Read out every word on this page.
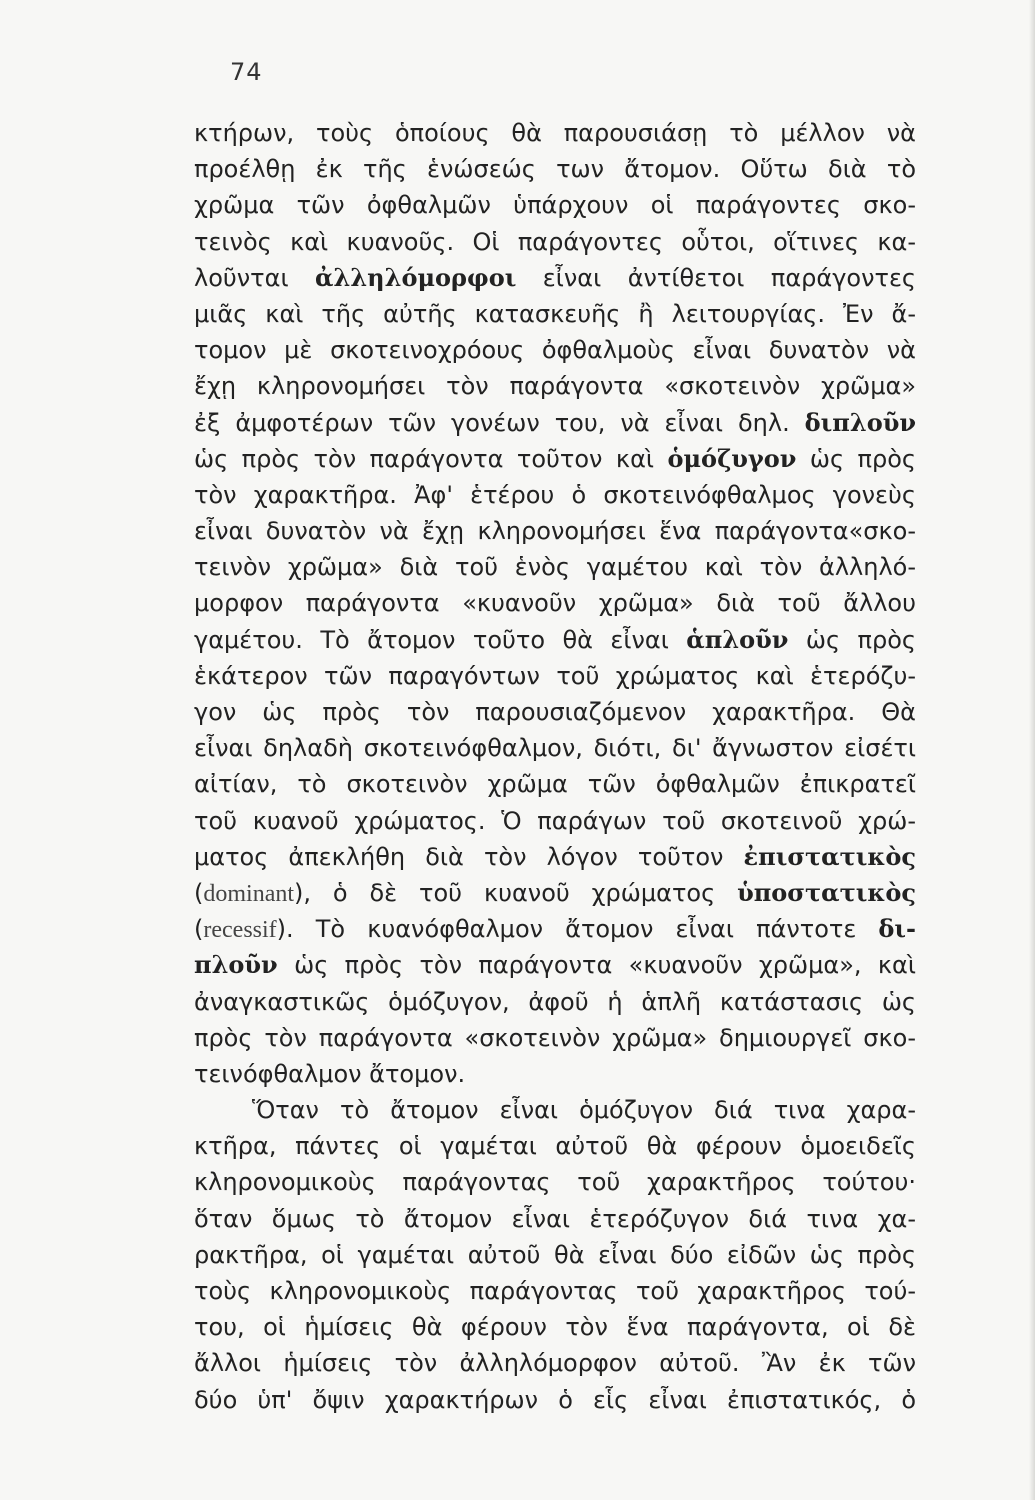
74
κτήρων, τοὺς ὁποίους θὰ παρουσιάσῃ τὸ μέλλον νὰ
προέλθῃ ἐκ τῆς ἑνώσεώς των ἄτομον. Οὕτω διὰ τὸ
χρῶμα τῶν ὀφθαλμῶν ὑπάρχουν οἱ παράγοντες σκο-
τεινὸς καὶ κυανοῦς. Οἱ παράγοντες οὗτοι, οἵτινες κα-
λοῦνται ἀλληλόμορφοι εἶναι ἀντίθετοι παράγοντες
μιᾶς καὶ τῆς αὐτῆς κατασκευῆς ἢ λειτουργίας. Ἐν ἄ-
τομον μὲ σκοτεινοχρόους ὀφθαλμοὺς εἶναι δυνατὸν νὰ
ἔχῃ κληρονομήσει τὸν παράγοντα «σκοτεινὸν χρῶμα»
ἐξ ἀμφοτέρων τῶν γονέων του, νὰ εἶναι δηλ. διπλοῦν
ὡς πρὸς τὸν παράγοντα τοῦτον καὶ ὁμόζυγον ὡς πρὸς
τὸν χαρακτῆρα. Ἀφ' ἑτέρου ὁ σκοτεινόφθαλμος γονεὺς
εἶναι δυνατὸν νὰ ἔχῃ κληρονομήσει ἕνα παράγοντα«σκο-
τεινὸν χρῶμα» διὰ τοῦ ἑνὸς γαμέτου καὶ τὸν ἀλληλό-
μορφον παράγοντα «κυανοῦν χρῶμα» διὰ τοῦ ἄλλου
γαμέτου. Τὸ ἄτομον τοῦτο θὰ εἶναι ἁπλοῦν ὡς πρὸς
ἑκάτερον τῶν παραγόντων τοῦ χρώματος καὶ ἑτερόζυ-
γον ὡς πρὸς τὸν παρουσιαζόμενον χαρακτῆρα. Θὰ
εἶναι δηλαδὴ σκοτεινόφθαλμον, διότι, δι' ἄγνωστον εἰσέτι
αἰτίαν, τὸ σκοτεινὸν χρῶμα τῶν ὀφθαλμῶν ἐπικρατεῖ
τοῦ κυανοῦ χρώματος. Ὁ παράγων τοῦ σκοτεινοῦ χρώ-
ματος ἀπεκλήθη διὰ τὸν λόγον τοῦτον ἐπιστατικὸς
(dominant), ὁ δὲ τοῦ κυανοῦ χρώματος ὑποστατικὸς
(recessif). Τὸ κυανόφθαλμον ἄτομον εἶναι πάντοτε δι-
πλοῦν ὡς πρὸς τὸν παράγοντα «κυανοῦν χρῶμα», καὶ
ἀναγκαστικῶς ὁμόζυγον, ἀφοῦ ἡ ἁπλῆ κατάστασις ὡς
πρὸς τὸν παράγοντα «σκοτεινὸν χρῶμα» δημιουργεῖ σκο-
τεινόφθαλμον ἄτομον.
Ὅταν τὸ ἄτομον εἶναι ὁμόζυγον διά τινα χαρα-
κτῆρα, πάντες οἱ γαμέται αὐτοῦ θὰ φέρουν ὁμοειδεῖς
κληρονομικοὺς παράγοντας τοῦ χαρακτῆρος τούτου·
ὅταν ὅμως τὸ ἄτομον εἶναι ἑτερόζυγον διά τινα χα-
ρακτῆρα, οἱ γαμέται αὐτοῦ θὰ εἶναι δύο εἰδῶν ὡς πρὸς
τοὺς κληρονομικοὺς παράγοντας τοῦ χαρακτῆρος τού-
του, οἱ ἡμίσεις θὰ φέρουν τὸν ἕνα παράγοντα, οἱ δὲ
ἄλλοι ἡμίσεις τὸν ἀλληλόμορφον αὐτοῦ. Ἂν ἐκ τῶν
δύο ὑπ' ὄψιν χαρακτήρων ὁ εἷς εἶναι ἐπιστατικός, ὁ
